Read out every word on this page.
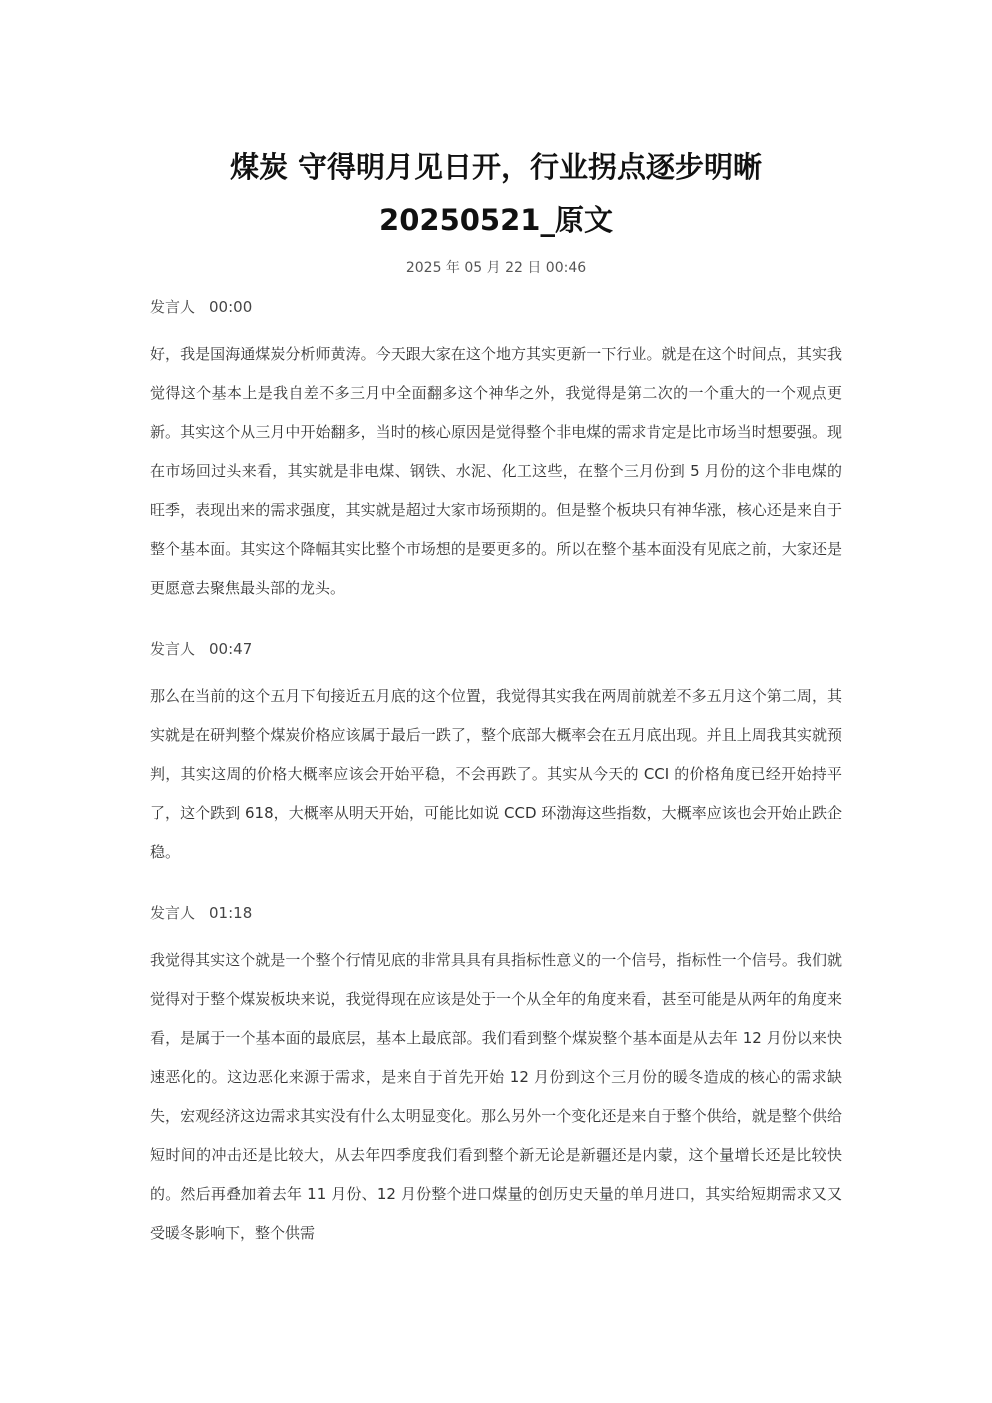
煤炭 守得明月见日开，行业拐点逐步明晰
20250521_原文
2025 年 05 月 22 日 00:46
发言人 00:00

好，我是国海通煤炭分析师黄涛。今天跟大家在这个地方其实更新一下行业。就是在这个时间点，其实我觉得这个基本上是我自差不多三月中全面翻多这个神华之外，我觉得是第二次的一个重大的一个观点更新。其实这个从三月中开始翻多，当时的核心原因是觉得整个非电煤的需求肯定是比市场当时想要强。现在市场回过头来看，其实就是非电煤、钢铁、水泥、化工这些，在整个三月份到 5 月份的这个非电煤的旺季，表现出来的需求强度，其实就是超过大家市场预期的。但是整个板块只有神华涨，核心还是来自于整个基本面。其实这个降幅其实比整个市场想的是要更多的。所以在整个基本面没有见底之前，大家还是更愿意去聚焦最头部的龙头。

发言人 00:47

那么在当前的这个五月下旬接近五月底的这个位置，我觉得其实我在两周前就差不多五月这个第二周，其实就是在研判整个煤炭价格应该属于最后一跌了，整个底部大概率会在五月底出现。并且上周我其实就预判，其实这周的价格大概率应该会开始平稳，不会再跌了。其实从今天的 CCI 的价格角度已经开始持平了，这个跌到 618，大概率从明天开始，可能比如说 CCD 环渤海这些指数，大概率应该也会开始止跌企稳。

发言人 01:18

我觉得其实这个就是一个整个行情见底的非常具具有具指标性意义的一个信号，指标性一个信号。我们就觉得对于整个煤炭板块来说，我觉得现在应该是处于一个从全年的角度来看，甚至可能是从两年的角度来看，是属于一个基本面的最底层，基本上最底部。我们看到整个煤炭整个基本面是从去年 12 月份以来快速恶化的。这边恶化来源于需求，是来自于首先开始 12 月份到这个三月份的暖冬造成的核心的需求缺失，宏观经济这边需求其实没有什么太明显变化。那么另外一个变化还是来自于整个供给，就是整个供给短时间的冲击还是比较大，从去年四季度我们看到整个新无论是新疆还是内蒙，这个量增长还是比较快的。然后再叠加着去年 11 月份、12 月份整个进口煤量的创历史天量的单月进口，其实给短期需求又又受暖冬影响下，整个供需
